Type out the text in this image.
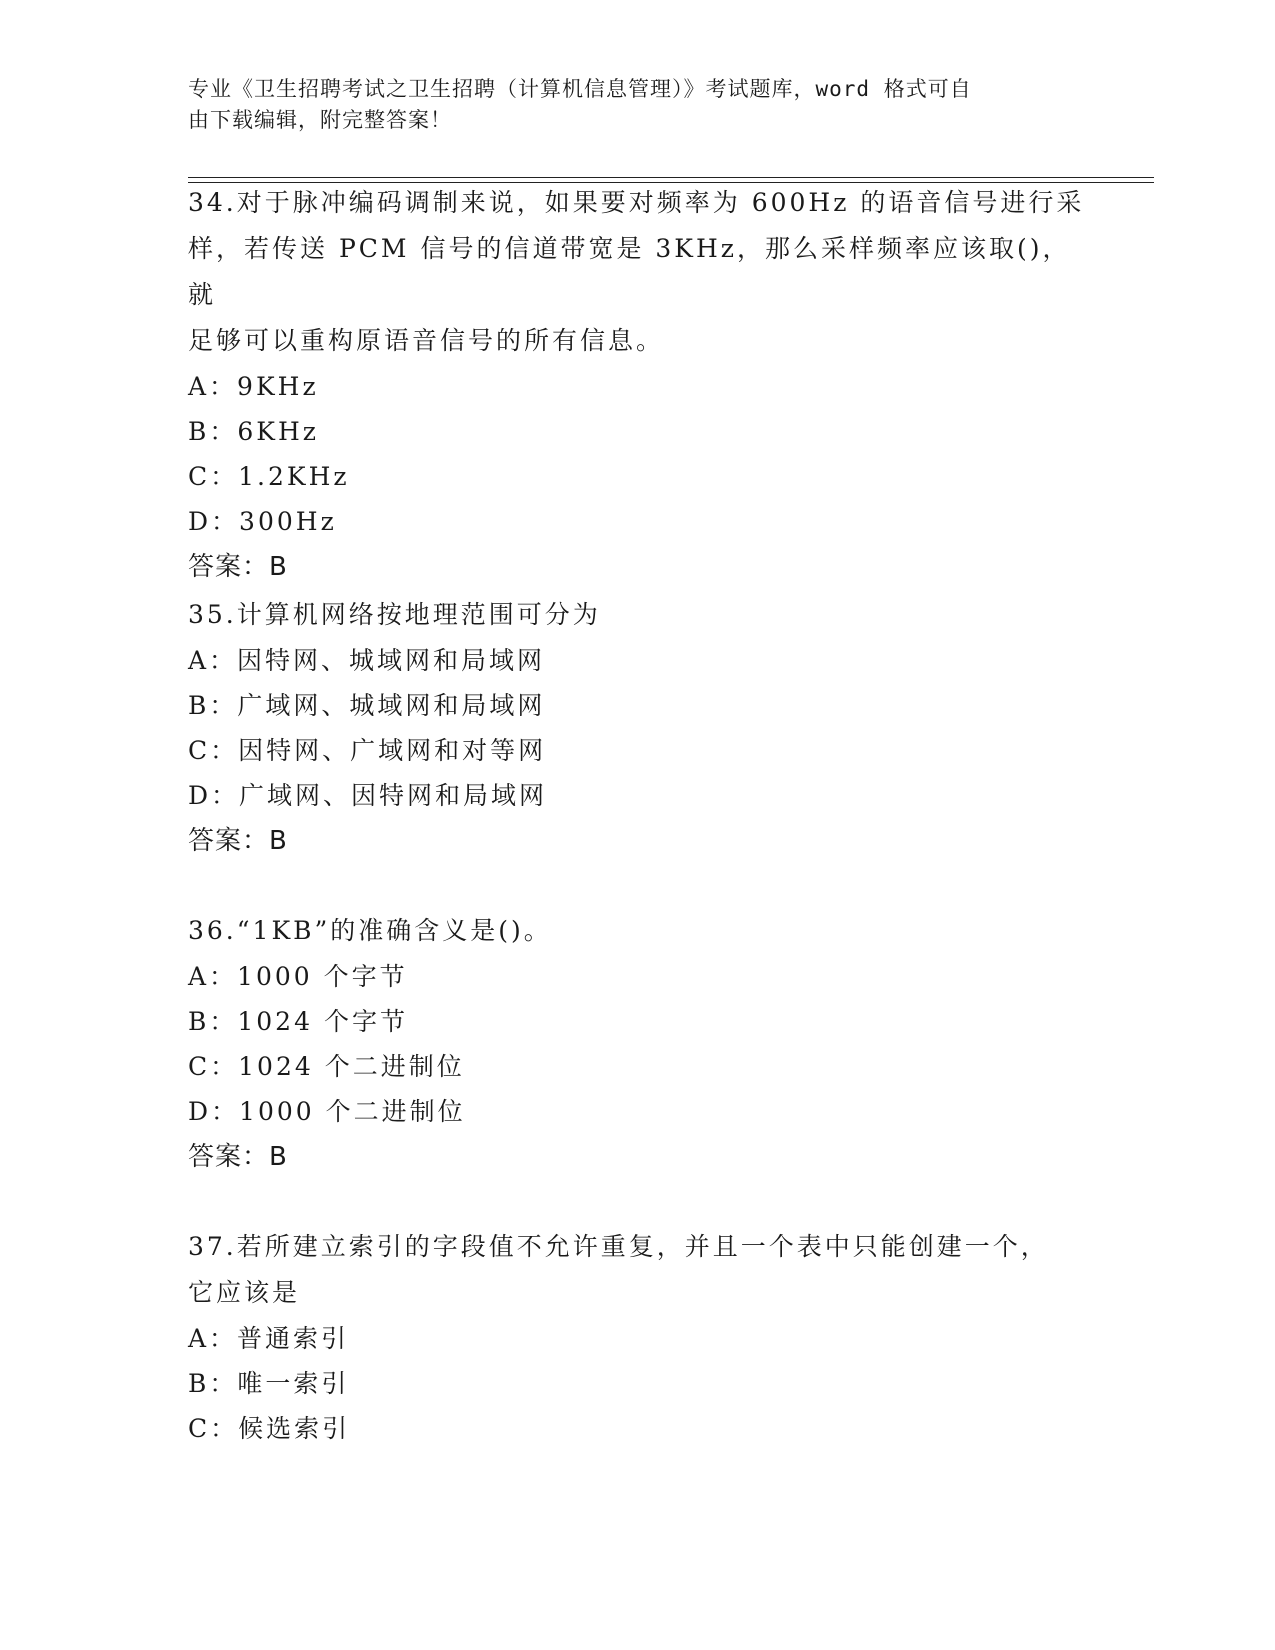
专业《卫生招聘考试之卫生招聘（计算机信息管理）》考试题库，word 格式可自
由下载编辑，附完整答案！

34.对于脉冲编码调制来说，如果要对频率为 600Hz 的语音信号进行采

样，若传送 PCM 信号的信道带宽是 3KHz，那么采样频率应该取()，就

足够可以重构原语音信号的所有信息。

A：9KHz

B：6KHz

C：1.2KHz

D：300Hz

答案：B

35.计算机网络按地理范围可分为

A：因特网、城域网和局域网

B：广域网、城域网和局域网

C：因特网、广域网和对等网

D：广域网、因特网和局域网

答案：B

36.“1KB”的准确含义是()。

A：1000 个字节

B：1024 个字节

C：1024 个二进制位

D：1000 个二进制位

答案：B

37.若所建立索引的字段值不允许重复，并且一个表中只能创建一个，

它应该是

A：普通索引

B：唯一索引

C：候选索引
